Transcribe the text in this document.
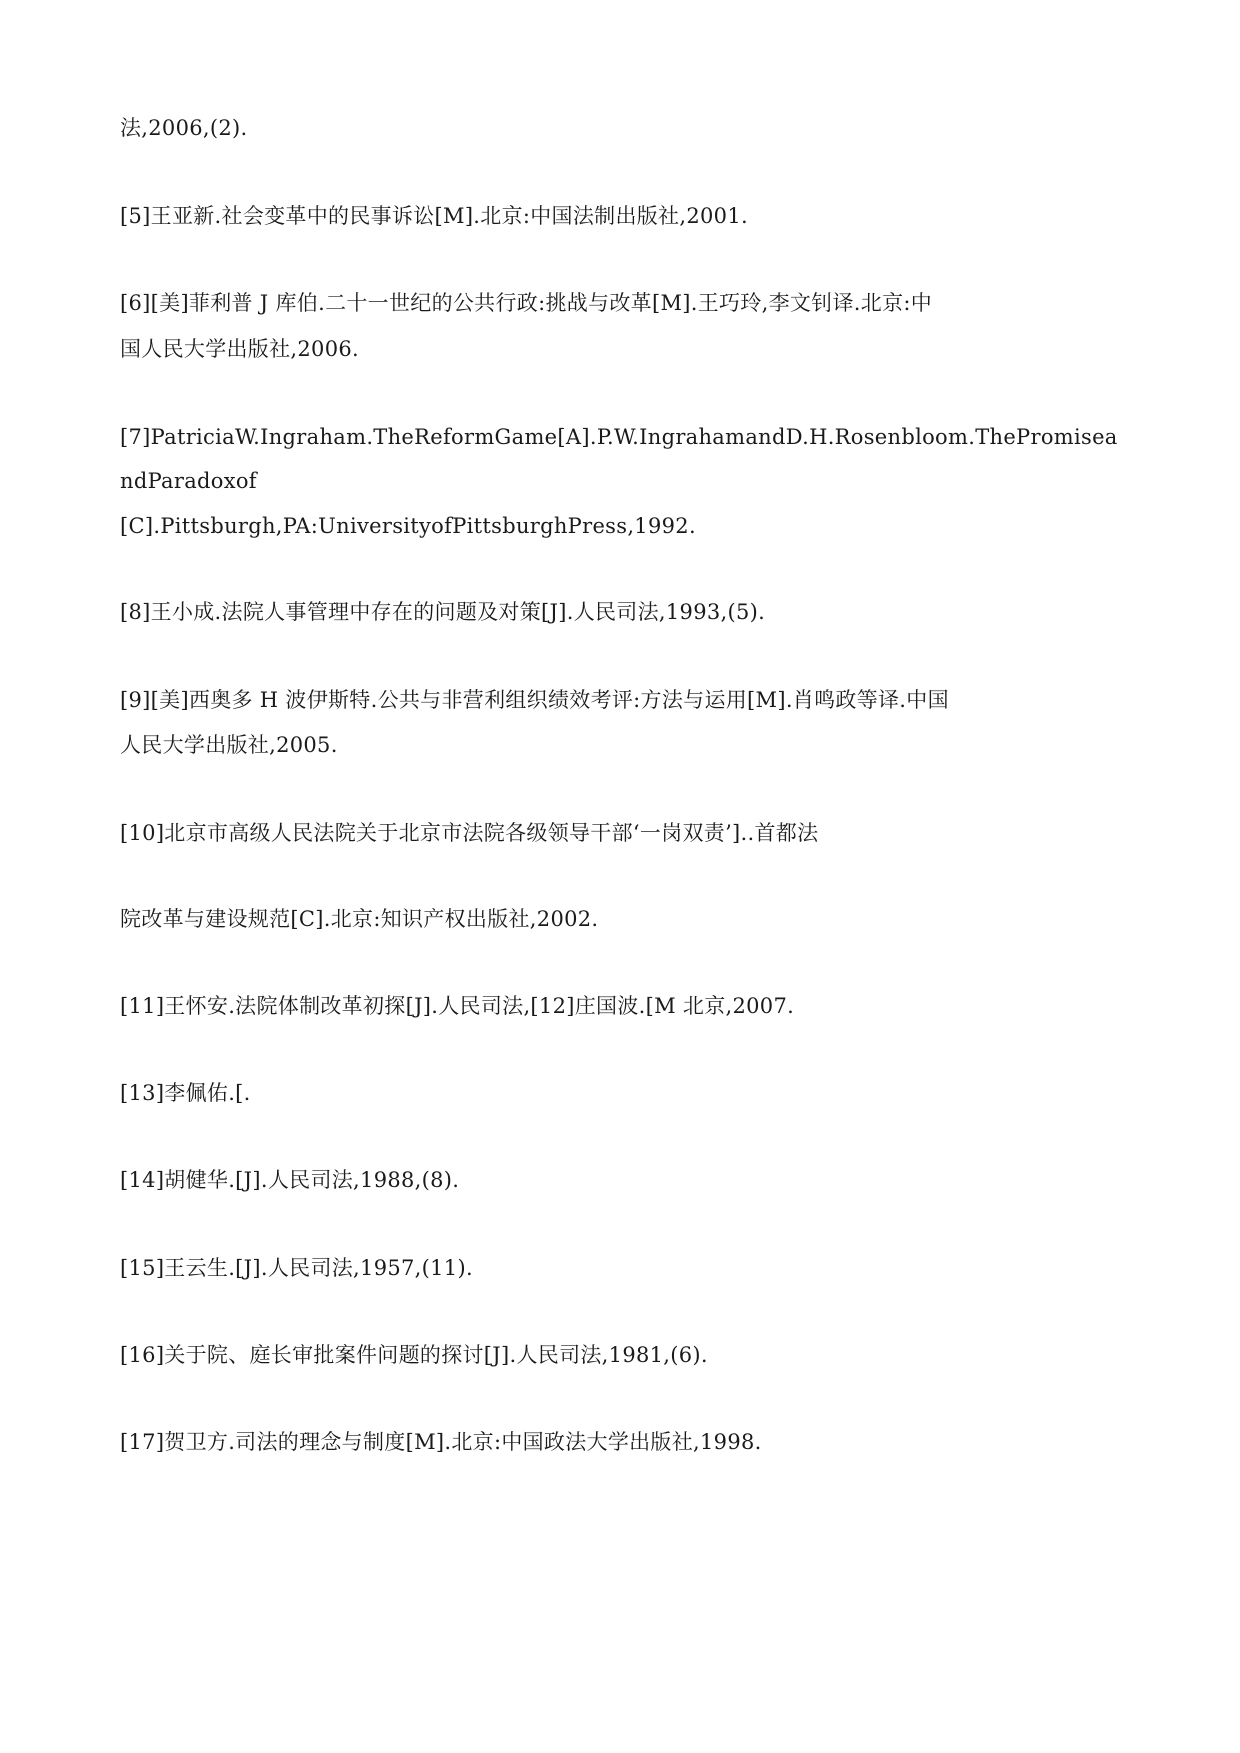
法,2006,(2).
[5]王亚新.社会变革中的民事诉讼[M].北京:中国法制出版社,2001.
[6][美]菲利普 J 库伯.二十一世纪的公共行政:挑战与改革[M].王巧玲,李文钊译.北京:中
国人民大学出版社,2006.
[7]PatriciaW.Ingraham.TheReformGame[A].P.W.IngrahamandD.H.Rosenbloom.ThePromisea
ndParadoxof
[C].Pittsburgh,PA:UniversityofPittsburghPress,1992.
[8]王小成.法院人事管理中存在的问题及对策[J].人民司法,1993,(5).
[9][美]西奥多 H 波伊斯特.公共与非营利组织绩效考评:方法与运用[M].肖鸣政等译.中国
人民大学出版社,2005.
[10]北京市高级人民法院关于北京市法院各级领导干部‘一岗双责’]..首都法
院改革与建设规范[C].北京:知识产权出版社,2002.
[11]王怀安.法院体制改革初探[J].人民司法,[12]庄国波.[M 北京,2007.
[13]李佩佑.[.
[14]胡健华.[J].人民司法,1988,(8).
[15]王云生.[J].人民司法,1957,(11).
[16]关于院、庭长审批案件问题的探讨[J].人民司法,1981,(6).
[17]贺卫方.司法的理念与制度[M].北京:中国政法大学出版社,1998.
